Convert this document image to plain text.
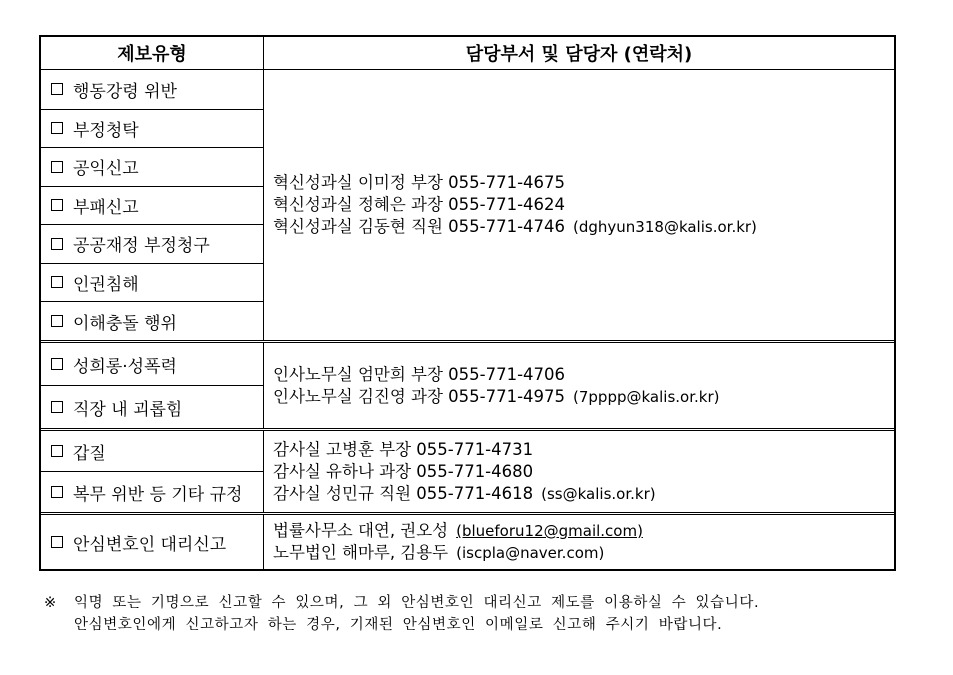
제보유형	담당부서 및 담당자 (연락처)
행동강령 위반
부정청탁
공익신고
부패신고
공공재정 부정청구
인권침해
이해충돌 행위
혁신성과실 이미정 부장 055-771-4675
혁신성과실 정혜은 과장 055-771-4624
혁신성과실 김동현 직원 055-771-4746 (dghyun318@kalis.or.kr)
성희롱·성폭력
직장 내 괴롭힘
인사노무실 엄만희 부장 055-771-4706
인사노무실 김진영 과장 055-771-4975 (7pppp@kalis.or.kr)
갑질
복무 위반 등 기타 규정
감사실 고병훈 부장 055-771-4731
감사실 유하나 과장 055-771-4680
감사실 성민규 직원 055-771-4618 (ss@kalis.or.kr)
안심변호인 대리신고
법률사무소 대연, 권오성 (blueforu12@gmail.com)
노무법인 해마루, 김용두 (iscpla@naver.com)
※ 익명 또는 기명으로 신고할 수 있으며, 그 외 안심변호인 대리신고 제도를 이용하실 수 있습니다.
안심변호인에게 신고하고자 하는 경우, 기재된 안심변호인 이메일로 신고해 주시기 바랍니다.
